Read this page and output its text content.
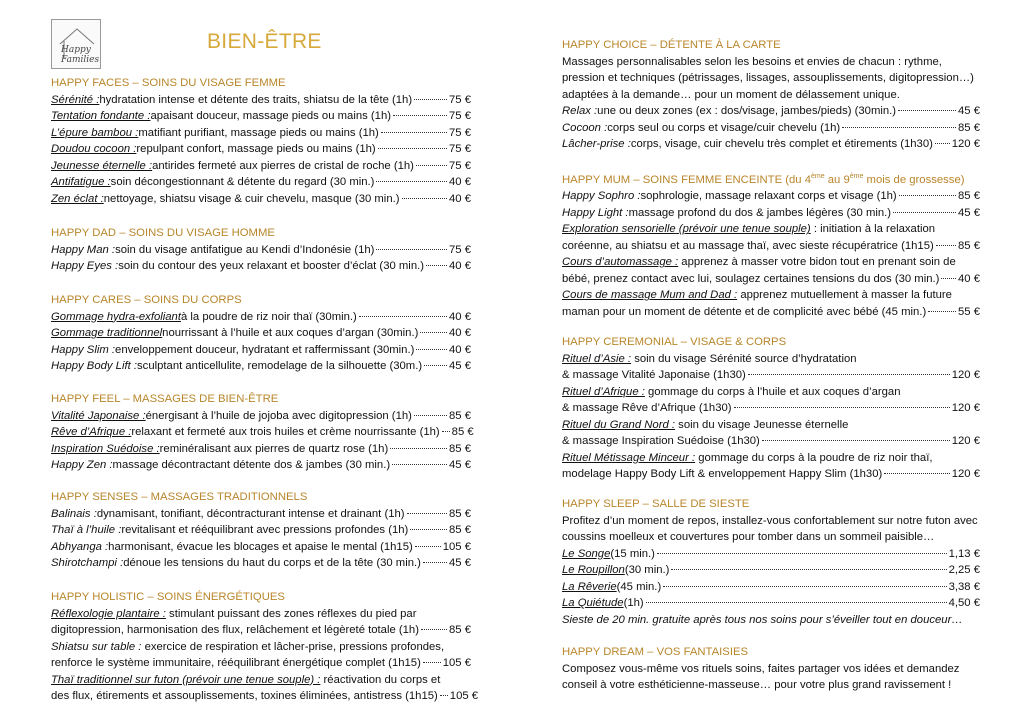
Happy
Families
BIEN-ÊTRE
HAPPY FACES – SOINS DU VISAGE FEMME
Sérénité : hydratation intense et détente des traits, shiatsu de la tête (1h)	75 €
Tentation fondante : apaisant douceur, massage pieds ou mains (1h)	75 €
L’épure bambou : matifiant purifiant, massage pieds ou mains (1h)	75 €
Doudou cocoon : repulpant confort, massage pieds ou mains (1h)	75 €
Jeunesse éternelle : antirides fermeté aux pierres de cristal de roche (1h)	75 €
Antifatigue : soin décongestionnant & détente du regard (30 min.)	40 €
Zen éclat : nettoyage, shiatsu visage & cuir chevelu, masque (30 min.)	40 €
HAPPY DAD – SOINS DU VISAGE HOMME
Happy Man : soin du visage antifatigue au Kendi d’Indonésie (1h)	75 €
Happy Eyes : soin du contour des yeux relaxant et booster d’éclat (30 min.) 40 €
HAPPY CARES – SOINS DU CORPS
Gommage hydra-exfoliant à la poudre de riz noir thaï (30min.)	40 €
Gommage traditionnel nourrissant à l’huile et aux coques d’argan (30min.)	40 €
Happy Slim : enveloppement douceur, hydratant et raffermissant (30min.)	40 €
Happy Body Lift : sculptant anticellulite, remodelage de la silhouette (30m.) 45 €
HAPPY FEEL – MASSAGES DE BIEN-ÊTRE
Vitalité Japonaise : énergisant à l’huile de jojoba avec digitopression (1h)	85 €
Rêve d’Afrique : relaxant et fermeté aux trois huiles et crème nourrissante (1h) 85 €
Inspiration Suédoise : reminéralisant aux pierres de quartz rose (1h)	85 €
Happy Zen : massage décontractant détente dos & jambes (30 min.)	45 €
HAPPY SENSES – MASSAGES TRADITIONNELS
Balinais : dynamisant, tonifiant, décontracturant intense et drainant (1h)	85 €
Thaï à l’huile : revitalisant et rééquilibrant avec pressions profondes (1h)	85 €
Abhyanga : harmonisant, évacue les blocages et apaise le mental (1h15)	105 €
Shirotchampi : dénoue les tensions du haut du corps et de la tête (30 min.) 45 €
HAPPY HOLISTIC – SOINS ÉNERGÉTIQUES
Réflexologie plantaire : stimulant puissant des zones réflexes du pied par
digitopression, harmonisation des flux, relâchement et légèreté totale (1h)	85 €
Shiatsu sur table : exercice de respiration et lâcher-prise, pressions profondes,
renforce le système immunitaire, rééquilibrant énergétique complet (1h15) 105 €
Thaï traditionnel sur futon (prévoir une tenue souple) : réactivation du corps et
des flux, étirements et assouplissements, toxines éliminées, antistress (1h15) 105 €
HAPPY CHOICE – DÉTENTE À LA CARTE
Massages personnalisables selon les besoins et envies de chacun : rythme, pression et techniques (pétrissages, lissages, assouplissements, digitopression…) adaptées à la demande… pour un moment de délassement unique.
Relax : une ou deux zones (ex : dos/visage, jambes/pieds) (30min.)	45 €
Cocoon : corps seul ou corps et visage/cuir chevelu (1h)	85 €
Lâcher-prise : corps, visage, cuir chevelu très complet et étirements (1h30) 120 €
HAPPY MUM – SOINS FEMME ENCEINTE (du 4ème au 9ème mois de grossesse)
Happy Sophro : sophrologie, massage relaxant corps et visage (1h)	85 €
Happy Light : massage profond du dos & jambes légères (30 min.)	45 €
Exploration sensorielle (prévoir une tenue souple) : initiation à la relaxation
coréenne, au shiatsu et au massage thaï, avec sieste récupératrice (1h15) 85 €
Cours d’automassage : apprenez à masser votre bidon tout en prenant soin de
bébé, prenez contact avec lui, soulagez certaines tensions du dos (30 min.) 40 €
Cours de massage Mum and Dad : apprenez mutuellement à masser la future
maman pour un moment de détente et de complicité avec bébé (45 min.)	55 €
HAPPY CEREMONIAL – VISAGE & CORPS
Rituel d’Asie : soin du visage Sérénité source d’hydratation
& massage Vitalité Japonaise (1h30)	120 €
Rituel d’Afrique : gommage du corps à l’huile et aux coques d’argan
& massage Rêve d’Afrique (1h30)	120 €
Rituel du Grand Nord : soin du visage Jeunesse éternelle
& massage Inspiration Suédoise (1h30)	120 €
Rituel Métissage Minceur : gommage du corps à la poudre de riz noir thaï,
modelage Happy Body Lift & enveloppement Happy Slim (1h30)	120 €
HAPPY SLEEP – SALLE DE SIESTE
Profitez d’un moment de repos, installez-vous confortablement sur notre futon avec coussins moelleux et couvertures pour tomber dans un sommeil paisible…
Le Songe (15 min.)	1,13 €
Le Roupillon (30 min.)	2,25 €
La Rêverie (45 min.)	3,38 €
La Quiétude (1h)	4,50 €
Sieste de 20 min. gratuite après tous nos soins pour s’éveiller tout en douceur…
HAPPY DREAM – VOS FANTAISIES
Composez vous-même vos rituels soins, faites partager vos idées et demandez conseil à votre esthéticienne-masseuse… pour votre plus grand ravissement !
